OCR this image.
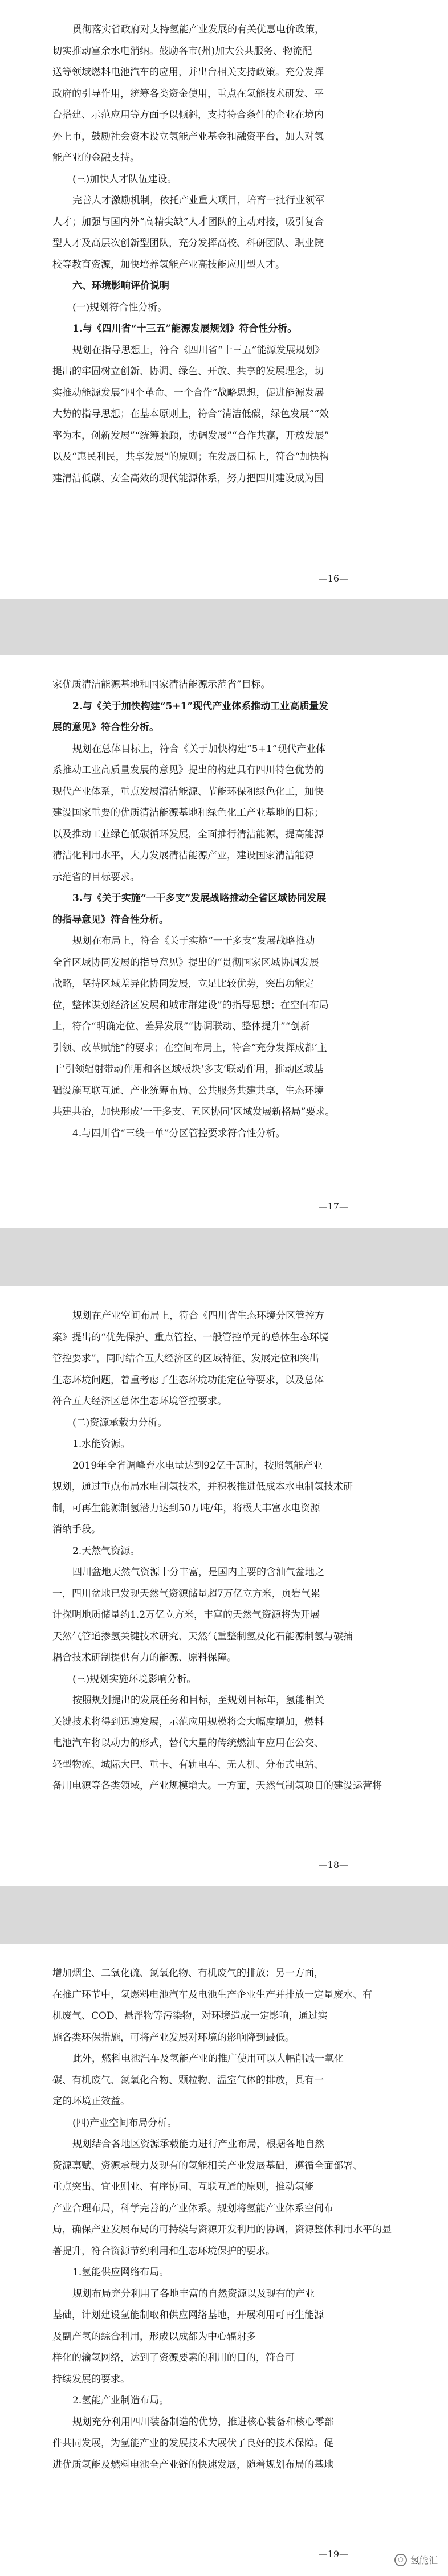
贯彻落实省政府对支持氢能产业发展的有关优惠电价政策，

切实推动富余水电消纳。鼓励各市(州)加大公共服务、物流配

送等领域燃料电池汽车的应用，并出台相关支持政策。充分发挥

政府的引导作用，统筹各类资金使用，重点在氢能技术研发、平

台搭建、示范应用等方面予以倾斜，支持符合条件的企业在境内

外上市，鼓励社会资本设立氢能产业基金和融资平台，加大对氢

能产业的金融支持。

(三)加快人才队伍建设。

完善人才激励机制，依托产业重大项目，培育一批行业领军

人才；加强与国内外“高精尖缺”人才团队的主动对接，吸引复合

型人才及高层次创新型团队，充分发挥高校、科研团队、职业院

校等教育资源，加快培养氢能产业高技能应用型人才。

六、环境影响评价说明

(一)规划符合性分析。

1.与《四川省“十三五”能源发展规划》符合性分析。

规划在指导思想上，符合《四川省“十三五”能源发展规划》

提出的牢固树立创新、协调、绿色、开放、共享的发展理念，切

实推动能源发展“四个革命、一个合作”战略思想，促进能源发展

大势的指导思想；在基本原则上，符合“清洁低碳，绿色发展”“效

率为本，创新发展”“统筹兼顾，协调发展”“合作共赢，开放发展”

以及“惠民利民，共享发展”的原则；在发展目标上，符合“加快构

建清洁低碳、安全高效的现代能源体系，努力把四川建设成为国

—16—

家优质清洁能源基地和国家清洁能源示范省”目标。

2.与《关于加快构建“5+1”现代产业体系推动工业高质量发

展的意见》符合性分析。

规划在总体目标上，符合《关于加快构建“5+1”现代产业体

系推动工业高质量发展的意见》提出的构建具有四川特色优势的

现代产业体系，重点发展清洁能源、节能环保和绿色化工，加快

建设国家重要的优质清洁能源基地和绿色化工产业基地的目标；

以及推动工业绿色低碳循环发展，全面推行清洁能源，提高能源

清洁化利用水平，大力发展清洁能源产业，建设国家清洁能源

示范省的目标要求。

3.与《关于实施“一干多支”发展战略推动全省区域协同发展

的指导意见》符合性分析。

规划在布局上，符合《关于实施“一干多支”发展战略推动

全省区域协同发展的指导意见》提出的“贯彻国家区域协调发展

战略，坚持区域差异化协同发展，立足比较优势，突出功能定

位，整体谋划经济区发展和城市群建设”的指导思想；在空间布局

上，符合“明确定位、差异发展”“协调联动、整体提升”“创新

引领、改革赋能”的要求；在空间布局上，符合“充分发挥成都‘主

干’引领辐射带动作用和各区域板块‘多支’联动作用，推动区域基

础设施互联互通、产业统筹布局、公共服务共建共享，生态环境

共建共治，加快形成‘一干多支、五区协同’区域发展新格局”要求。

4.与四川省“三线一单”分区管控要求符合性分析。

—17—

规划在产业空间布局上，符合《四川省生态环境分区管控方

案》提出的“优先保护、重点管控、一般管控单元的总体生态环境

管控要求”，同时结合五大经济区的区域特征、发展定位和突出

生态环境问题，着重考虑了生态环境功能定位等要求，以及总体

符合五大经济区总体生态环境管控要求。

(二)资源承载力分析。

1.水能资源。

2019年全省调峰弃水电量达到92亿千瓦时，按照氢能产业

规划，通过重点布局水电制氢技术，并积极推进低成本水电制氢技术研

制，可再生能源制氢潜力达到50万吨/年，将极大丰富水电资源

消纳手段。

2.天然气资源。

四川盆地天然气资源十分丰富，是国内主要的含油气盆地之

一，四川盆地已发现天然气资源储量超7万亿立方米，页岩气累

计探明地质储量约1.2万亿立方米，丰富的天然气资源将为开展

天然气管道掺氢关键技术研究、天然气重整制氢及化石能源制氢与碳捕

耦合技术研制提供有力的能源、原料保障。

(三)规划实施环境影响分析。

按照规划提出的发展任务和目标，至规划目标年，氢能相关

关键技术将得到迅速发展，示范应用规模将会大幅度增加，燃料

电池汽车将以动力的形式，替代大量的传统燃油车应用在公交、

轻型物流、城际大巴、重卡、有轨电车、无人机、分布式电站、

备用电源等各类领域，产业规模增大。一方面，天然气制氢项目的建设运营将

—18—

增加烟尘、二氧化硫、氮氧化物、有机废气的排放；另一方面，

在推广环节中，氢燃料电池汽车及电池生产企业生产并排放一定量废水、有

机废气、COD、悬浮物等污染物，对环境造成一定影响，通过实

施各类环保措施，可将产业发展对环境的影响降到最低。

此外，燃料电池汽车及氢能产业的推广使用可以大幅削减一氧化

碳、有机废气、氮氧化合物、颗粒物、温室气体的排放，具有一

定的环境正效益。

(四)产业空间布局分析。

规划结合各地区资源承载能力进行产业布局，根据各地自然

资源禀赋、资源承载力及现有的氢能相关产业发展基础，遵循全面部署、

重点突出、宜业则业、有序协同、互联互通的原则，推动氢能

产业合理布局，科学完善的产业体系。规划将氢能产业体系空间布

局，确保产业发展布局的可持续与资源开发利用的协调，资源整体利用水平的显

著提升，符合资源节约利用和生态环境保护的要求。

1.氢能供应网络布局。

规划布局充分利用了各地丰富的自然资源以及现有的产业

基础，计划建设氢能制取和供应网络基地，开展利用可再生能源

及副产氢的综合利用，形成以成都为中心辐射多

样化的输氢网络，达到了资源要素的利用的目的，符合可

持续发展的要求。

2.氢能产业制造布局。

规划充分利用四川装备制造的优势，推进核心装备和核心零部

件共同发展，为氢能产业的发展技术大展伏了良好的技术保障。促

进优质氢能及燃料电池全产业链的快速发展，随着规划布局的基地

—19—
⬡ 氢能汇
